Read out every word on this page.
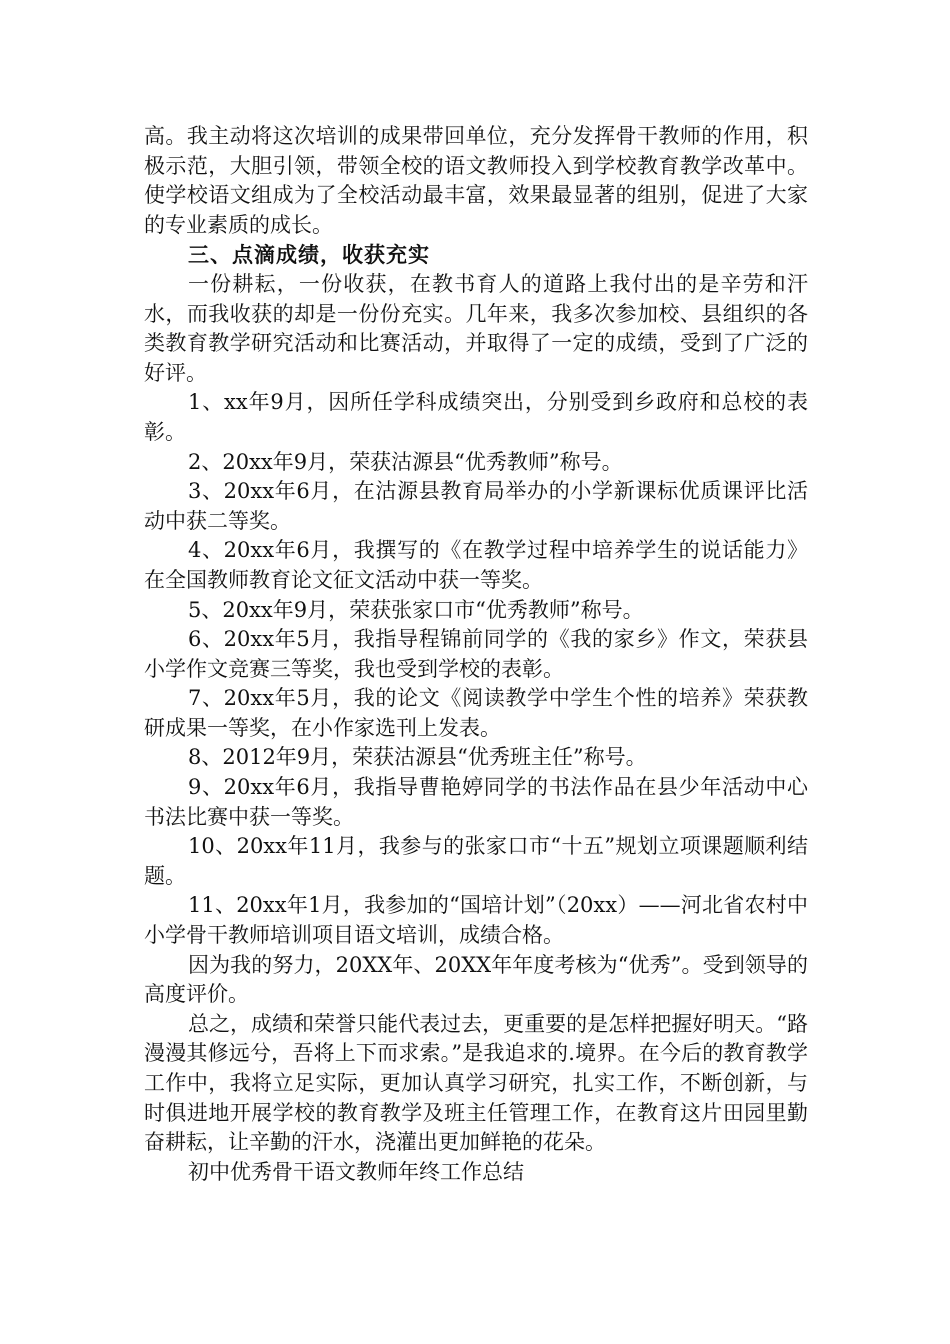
高。我主动将这次培训的成果带回单位，充分发挥骨干教师的作用，积极示范，大胆引领，带领全校的语文教师投入到学校教育教学改革中。使学校语文组成为了全校活动最丰富，效果最显著的组别，促进了大家的专业素质的成长。

三、点滴成绩，收获充实

一份耕耘，一份收获，在教书育人的道路上我付出的是辛劳和汗水，而我收获的却是一份份充实。几年来，我多次参加校、县组织的各类教育教学研究活动和比赛活动，并取得了一定的成绩，受到了广泛的好评。

1、xx年9月，因所任学科成绩突出，分别受到乡政府和总校的表彰。

2、20xx年9月，荣获沽源县“优秀教师”称号。

3、20xx年6月，在沽源县教育局举办的小学新课标优质课评比活动中获二等奖。

4、20xx年6月，我撰写的《在教学过程中培养学生的说话能力》在全国教师教育论文征文活动中获一等奖。

5、20xx年9月，荣获张家口市“优秀教师”称号。

6、20xx年5月，我指导程锦前同学的《我的家乡》作文，荣获县小学作文竞赛三等奖，我也受到学校的表彰。

7、20xx年5月，我的论文《阅读教学中学生个性的培养》荣获教研成果一等奖，在小作家选刊上发表。

8、2012年9月，荣获沽源县“优秀班主任”称号。

9、20xx年6月，我指导曹艳婷同学的书法作品在县少年活动中心书法比赛中获一等奖。

10、20xx年11月，我参与的张家口市“十五”规划立项课题顺利结题。

11、20xx年1月，我参加的“国培计划”（20xx）——河北省农村中小学骨干教师培训项目语文培训，成绩合格。

因为我的努力，20XX年、20XX年年度考核为“优秀”。受到领导的高度评价。

总之，成绩和荣誉只能代表过去，更重要的是怎样把握好明天。“路漫漫其修远兮，吾将上下而求索。”是我追求的.境界。在今后的教育教学工作中，我将立足实际，更加认真学习研究，扎实工作，不断创新，与时俱进地开展学校的教育教学及班主任管理工作，在教育这片田园里勤奋耕耘，让辛勤的汗水，浇灌出更加鲜艳的花朵。

初中优秀骨干语文教师年终工作总结
